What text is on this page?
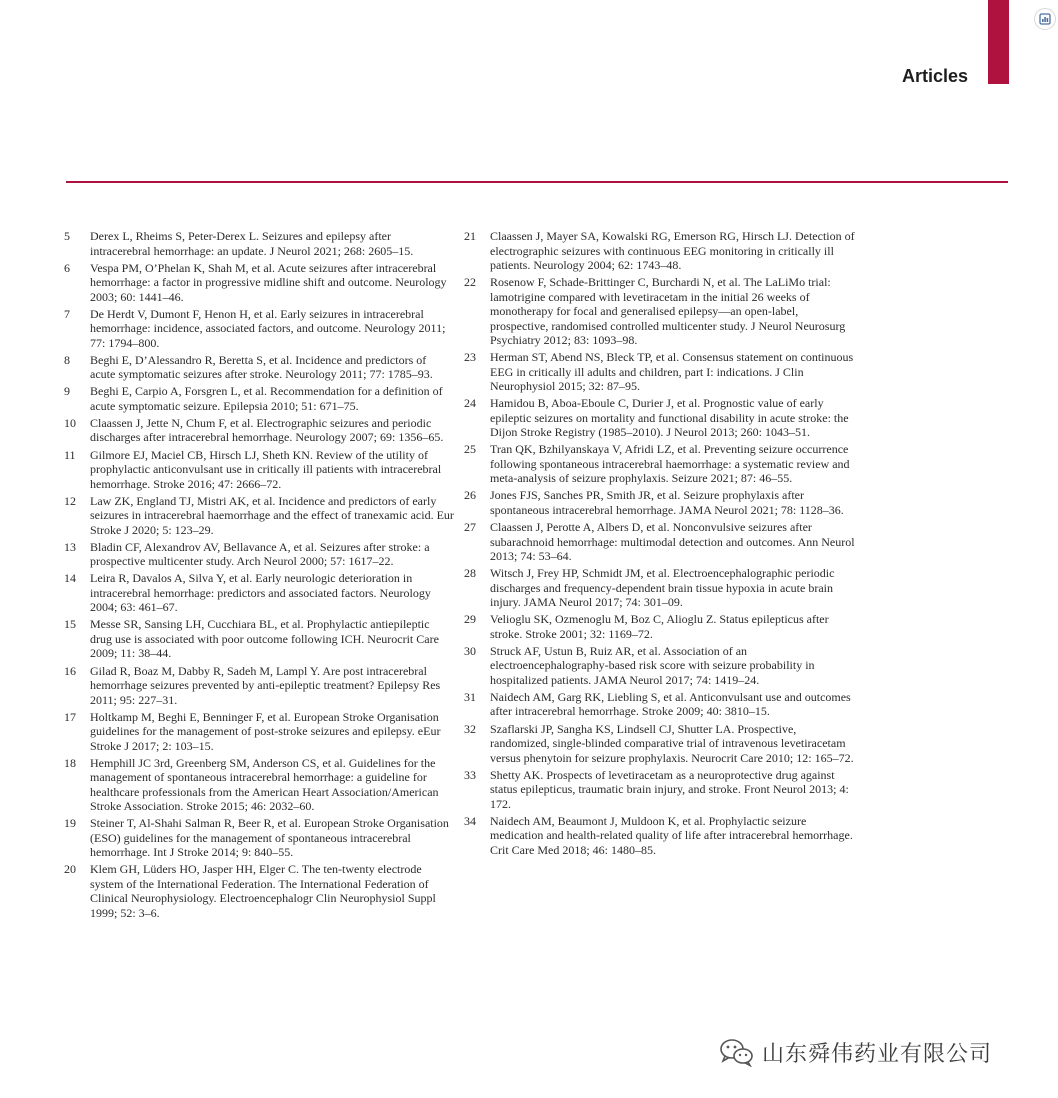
Articles
5	Derex L, Rheims S, Peter-Derex L. Seizures and epilepsy after intracerebral hemorrhage: an update. J Neurol 2021; 268: 2605–15.
6	Vespa PM, O’Phelan K, Shah M, et al. Acute seizures after intracerebral hemorrhage: a factor in progressive midline shift and outcome. Neurology 2003; 60: 1441–46.
7	De Herdt V, Dumont F, Henon H, et al. Early seizures in intracerebral hemorrhage: incidence, associated factors, and outcome. Neurology 2011; 77: 1794–800.
8	Beghi E, D’Alessandro R, Beretta S, et al. Incidence and predictors of acute symptomatic seizures after stroke. Neurology 2011; 77: 1785–93.
9	Beghi E, Carpio A, Forsgren L, et al. Recommendation for a definition of acute symptomatic seizure. Epilepsia 2010; 51: 671–75.
10	Claassen J, Jette N, Chum F, et al. Electrographic seizures and periodic discharges after intracerebral hemorrhage. Neurology 2007; 69: 1356–65.
11	Gilmore EJ, Maciel CB, Hirsch LJ, Sheth KN. Review of the utility of prophylactic anticonvulsant use in critically ill patients with intracerebral hemorrhage. Stroke 2016; 47: 2666–72.
12	Law ZK, England TJ, Mistri AK, et al. Incidence and predictors of early seizures in intracerebral haemorrhage and the effect of tranexamic acid. Eur Stroke J 2020; 5: 123–29.
13	Bladin CF, Alexandrov AV, Bellavance A, et al. Seizures after stroke: a prospective multicenter study. Arch Neurol 2000; 57: 1617–22.
14	Leira R, Davalos A, Silva Y, et al. Early neurologic deterioration in intracerebral hemorrhage: predictors and associated factors. Neurology 2004; 63: 461–67.
15	Messe SR, Sansing LH, Cucchiara BL, et al. Prophylactic antiepileptic drug use is associated with poor outcome following ICH. Neurocrit Care 2009; 11: 38–44.
16	Gilad R, Boaz M, Dabby R, Sadeh M, Lampl Y. Are post intracerebral hemorrhage seizures prevented by anti-epileptic treatment? Epilepsy Res 2011; 95: 227–31.
17	Holtkamp M, Beghi E, Benninger F, et al. European Stroke Organisation guidelines for the management of post-stroke seizures and epilepsy. eEur Stroke J 2017; 2: 103–15.
18	Hemphill JC 3rd, Greenberg SM, Anderson CS, et al. Guidelines for the management of spontaneous intracerebral hemorrhage: a guideline for healthcare professionals from the American Heart Association/American Stroke Association. Stroke 2015; 46: 2032–60.
19	Steiner T, Al-Shahi Salman R, Beer R, et al. European Stroke Organisation (ESO) guidelines for the management of spontaneous intracerebral hemorrhage. Int J Stroke 2014; 9: 840–55.
20	Klem GH, Lüders HO, Jasper HH, Elger C. The ten-twenty electrode system of the International Federation. The International Federation of Clinical Neurophysiology. Electroencephalogr Clin Neurophysiol Suppl 1999; 52: 3–6.
21	Claassen J, Mayer SA, Kowalski RG, Emerson RG, Hirsch LJ. Detection of electrographic seizures with continuous EEG monitoring in critically ill patients. Neurology 2004; 62: 1743–48.
22	Rosenow F, Schade-Brittinger C, Burchardi N, et al. The LaLiMo trial: lamotrigine compared with levetiracetam in the initial 26 weeks of monotherapy for focal and generalised epilepsy—an open-label, prospective, randomised controlled multicenter study. J Neurol Neurosurg Psychiatry 2012; 83: 1093–98.
23	Herman ST, Abend NS, Bleck TP, et al. Consensus statement on continuous EEG in critically ill adults and children, part I: indications. J Clin Neurophysiol 2015; 32: 87–95.
24	Hamidou B, Aboa-Eboule C, Durier J, et al. Prognostic value of early epileptic seizures on mortality and functional disability in acute stroke: the Dijon Stroke Registry (1985–2010). J Neurol 2013; 260: 1043–51.
25	Tran QK, Bzhilyanskaya V, Afridi LZ, et al. Preventing seizure occurrence following spontaneous intracerebral haemorrhage: a systematic review and meta-analysis of seizure prophylaxis. Seizure 2021; 87: 46–55.
26	Jones FJS, Sanches PR, Smith JR, et al. Seizure prophylaxis after spontaneous intracerebral hemorrhage. JAMA Neurol 2021; 78: 1128–36.
27	Claassen J, Perotte A, Albers D, et al. Nonconvulsive seizures after subarachnoid hemorrhage: multimodal detection and outcomes. Ann Neurol 2013; 74: 53–64.
28	Witsch J, Frey HP, Schmidt JM, et al. Electroencephalographic periodic discharges and frequency-dependent brain tissue hypoxia in acute brain injury. JAMA Neurol 2017; 74: 301–09.
29	Velioglu SK, Ozmenoglu M, Boz C, Alioglu Z. Status epilepticus after stroke. Stroke 2001; 32: 1169–72.
30	Struck AF, Ustun B, Ruiz AR, et al. Association of an electroencephalography-based risk score with seizure probability in hospitalized patients. JAMA Neurol 2017; 74: 1419–24.
31	Naidech AM, Garg RK, Liebling S, et al. Anticonvulsant use and outcomes after intracerebral hemorrhage. Stroke 2009; 40: 3810–15.
32	Szaflarski JP, Sangha KS, Lindsell CJ, Shutter LA. Prospective, randomized, single-blinded comparative trial of intravenous levetiracetam versus phenytoin for seizure prophylaxis. Neurocrit Care 2010; 12: 165–72.
33	Shetty AK. Prospects of levetiracetam as a neuroprotective drug against status epilepticus, traumatic brain injury, and stroke. Front Neurol 2013; 4: 172.
34	Naidech AM, Beaumont J, Muldoon K, et al. Prophylactic seizure medication and health-related quality of life after intracerebral hemorrhage. Crit Care Med 2018; 46: 1480–85.
山东舜伟药业有限公司
